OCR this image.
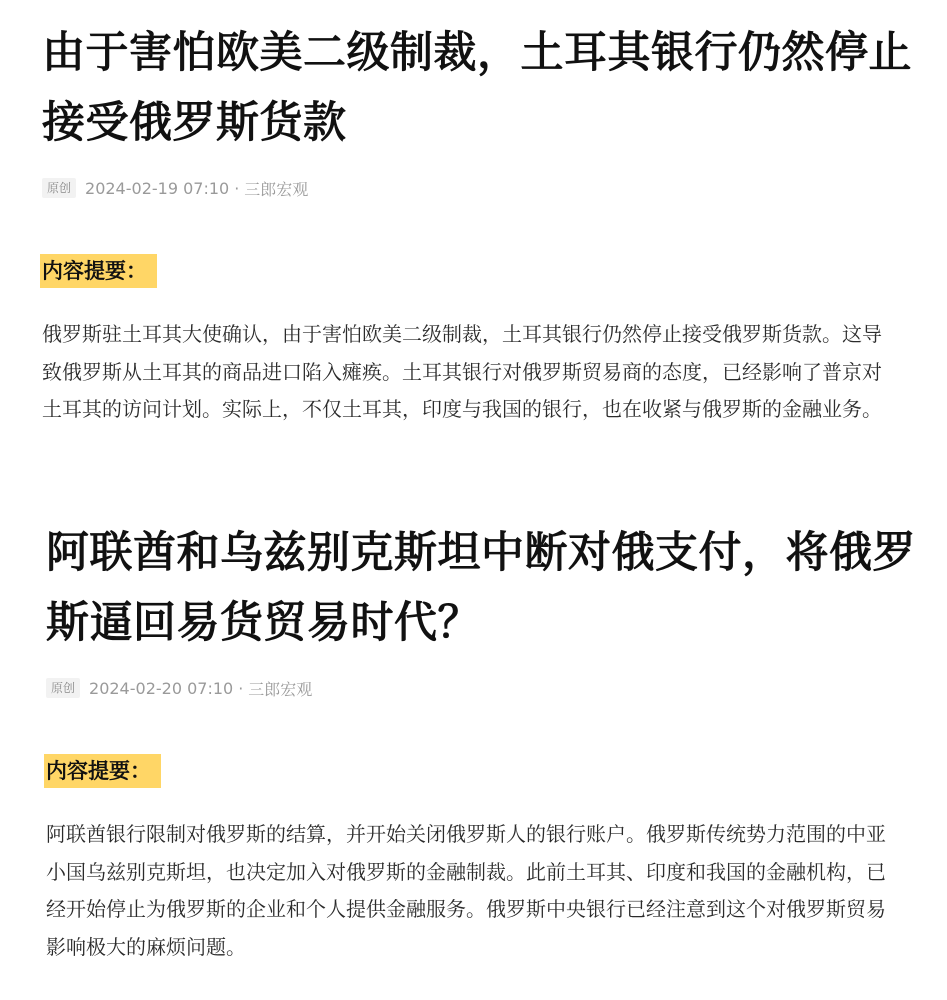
由于害怕欧美二级制裁，土耳其银行仍然停止接受俄罗斯货款
原创 2024-02-19 07:10 · 三郎宏观
内容提要：

俄罗斯驻土耳其大使确认，由于害怕欧美二级制裁，土耳其银行仍然停止接受俄罗斯货款。这导致俄罗斯从土耳其的商品进口陷入瘫痪。土耳其银行对俄罗斯贸易商的态度，已经影响了普京对土耳其的访问计划。实际上，不仅土耳其，印度与我国的银行，也在收紧与俄罗斯的金融业务。

阿联酋和乌兹别克斯坦中断对俄支付，将俄罗斯逼回易货贸易时代？
原创 2024-02-20 07:10 · 三郎宏观
内容提要：

阿联酋银行限制对俄罗斯的结算，并开始关闭俄罗斯人的银行账户。俄罗斯传统势力范围的中亚小国乌兹别克斯坦，也决定加入对俄罗斯的金融制裁。此前土耳其、印度和我国的金融机构，已经开始停止为俄罗斯的企业和个人提供金融服务。俄罗斯中央银行已经注意到这个对俄罗斯贸易影响极大的麻烦问题。
